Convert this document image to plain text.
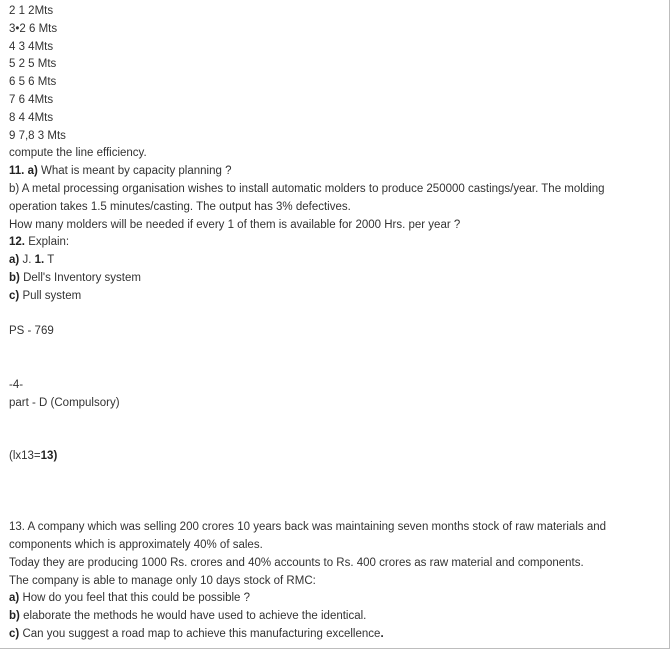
2 1 2Mts
3•2 6 Mts
4 3 4Mts
5 2 5 Mts
6 5 6 Mts
7 6 4Mts
8 4 4Mts
9 7,8 3 Mts
compute the line efficiency.
11. a) What is meant by capacity planning ?
b) A metal processing organisation wishes to install automatic molders to produce 250000 castings/year. The molding
operation takes 1.5 minutes/casting. The output has 3% defectives.
How many molders will be needed if every 1 of them is available for 2000 Hrs. per year ?
12. Explain:
a) J. 1. T
b) Dell's Inventory system
c) Pull system
PS - 769
-4-
part - D (Compulsory)
(lx13=13)
13. A company which was selling 200 crores 10 years back was maintaining seven months stock of raw materials and
components which is approximately 40% of sales.
Today they are producing 1000 Rs. crores and 40% accounts to Rs. 400 crores as raw material and components.
The company is able to manage only 10 days stock of RMC:
a) How do you feel that this could be possible ?
b) elaborate the methods he would have used to achieve the identical.
c) Can you suggest a road map to achieve this manufacturing excellence.
